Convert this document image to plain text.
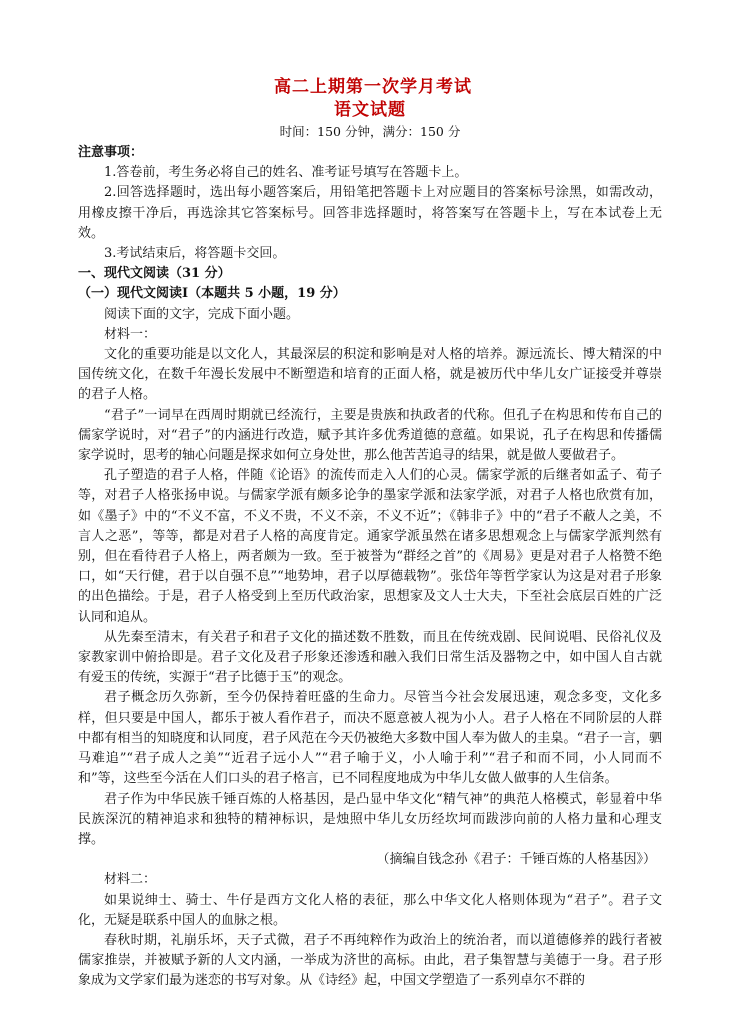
高二上期第一次学月考试
语文试题
时间：150 分钟，满分：150 分

注意事项：

1.答卷前，考生务必将自己的姓名、准考证号填写在答题卡上。

2.回答选择题时，选出每小题答案后，用铅笔把答题卡上对应题目的答案标号涂黑，如需改动，用橡皮擦干净后，再选涂其它答案标号。回答非选择题时，将答案写在答题卡上，写在本试卷上无效。

3.考试结束后，将答题卡交回。

一、现代文阅读（31 分）

（一）现代文阅读Ⅰ（本题共 5 小题，19 分）

阅读下面的文字，完成下面小题。

材料一：

文化的重要功能是以文化人，其最深层的积淀和影响是对人格的培养。源远流长、博大精深的中国传统文化，在数千年漫长发展中不断塑造和培育的正面人格，就是被历代中华儿女广证接受并尊崇的君子人格。

“君子”一词早在西周时期就已经流行，主要是贵族和执政者的代称。但孔子在构思和传布自己的儒家学说时，对“君子”的内涵进行改造，赋予其许多优秀道德的意蕴。如果说，孔子在构思和传播儒家学说时，思考的轴心问题是探求如何立身处世，那么他苦苦追寻的结果，就是做人要做君子。

孔子塑造的君子人格，伴随《论语》的流传而走入人们的心灵。儒家学派的后继者如孟子、荀子等，对君子人格张扬申说。与儒家学派有颇多论争的墨家学派和法家学派，对君子人格也欣赏有加，如《墨子》中的“不义不富，不义不贵，不义不亲，不义不近”；《韩非子》中的“君子不蔽人之美，不言人之恶”，等等，都是对君子人格的高度肯定。通家学派虽然在诸多思想观念上与儒家学派判然有别，但在看待君子人格上，两者颇为一致。至于被誉为“群经之首”的《周易》更是对君子人格赞不绝口，如“天行健，君于以自强不息”“地势坤，君子以厚德载物”。张岱年等哲学家认为这是对君子形象的出色描绘。于是，君子人格受到上至历代政治家，思想家及文人士大夫，下至社会底层百姓的广泛认同和追从。

从先秦至清末，有关君子和君子文化的描述数不胜数，而且在传统戏剧、民间说唱、民俗礼仪及家教家训中俯拾即是。君子文化及君子形象还渗透和融入我们日常生活及器物之中，如中国人自古就有爱玉的传统，实源于“君子比德于玉”的观念。

君子概念历久弥新，至今仍保持着旺盛的生命力。尽管当今社会发展迅速，观念多变，文化多样，但只要是中国人，都乐于被人看作君子，而决不愿意被人视为小人。君子人格在不同阶层的人群中都有相当的知晓度和认同度，君子风范在今天仍被绝大多数中国人奉为做人的圭臬。“君子一言，驷马难追”“君子成人之美”“近君子远小人”“君子喻于义，小人喻于利”“君子和而不同，小人同而不和”等，这些至今活在人们口头的君子格言，已不同程度地成为中华儿女做人做事的人生信条。

君子作为中华民族千锤百炼的人格基因，是凸显中华文化“精气神”的典范人格模式，彰显着中华民族深沉的精神追求和独特的精神标识，是烛照中华儿女历经坎坷而跋涉向前的人格力量和心理支撑。

（摘编自钱念孙《君子：千锤百炼的人格基因》）

材料二：

如果说绅士、骑士、牛仔是西方文化人格的表征，那么中华文化人格则体现为“君子”。君子文化，无疑是联系中国人的血脉之根。

春秋时期，礼崩乐坏，天子式微，君子不再纯粹作为政治上的统治者，而以道德修养的践行者被儒家推崇，并被赋予新的人文内涵，一举成为济世的高标。由此，君子集智慧与美德于一身。君子形象成为文学家们最为迷恋的书写对象。从《诗经》起，中国文学塑造了一系列卓尔不群的
